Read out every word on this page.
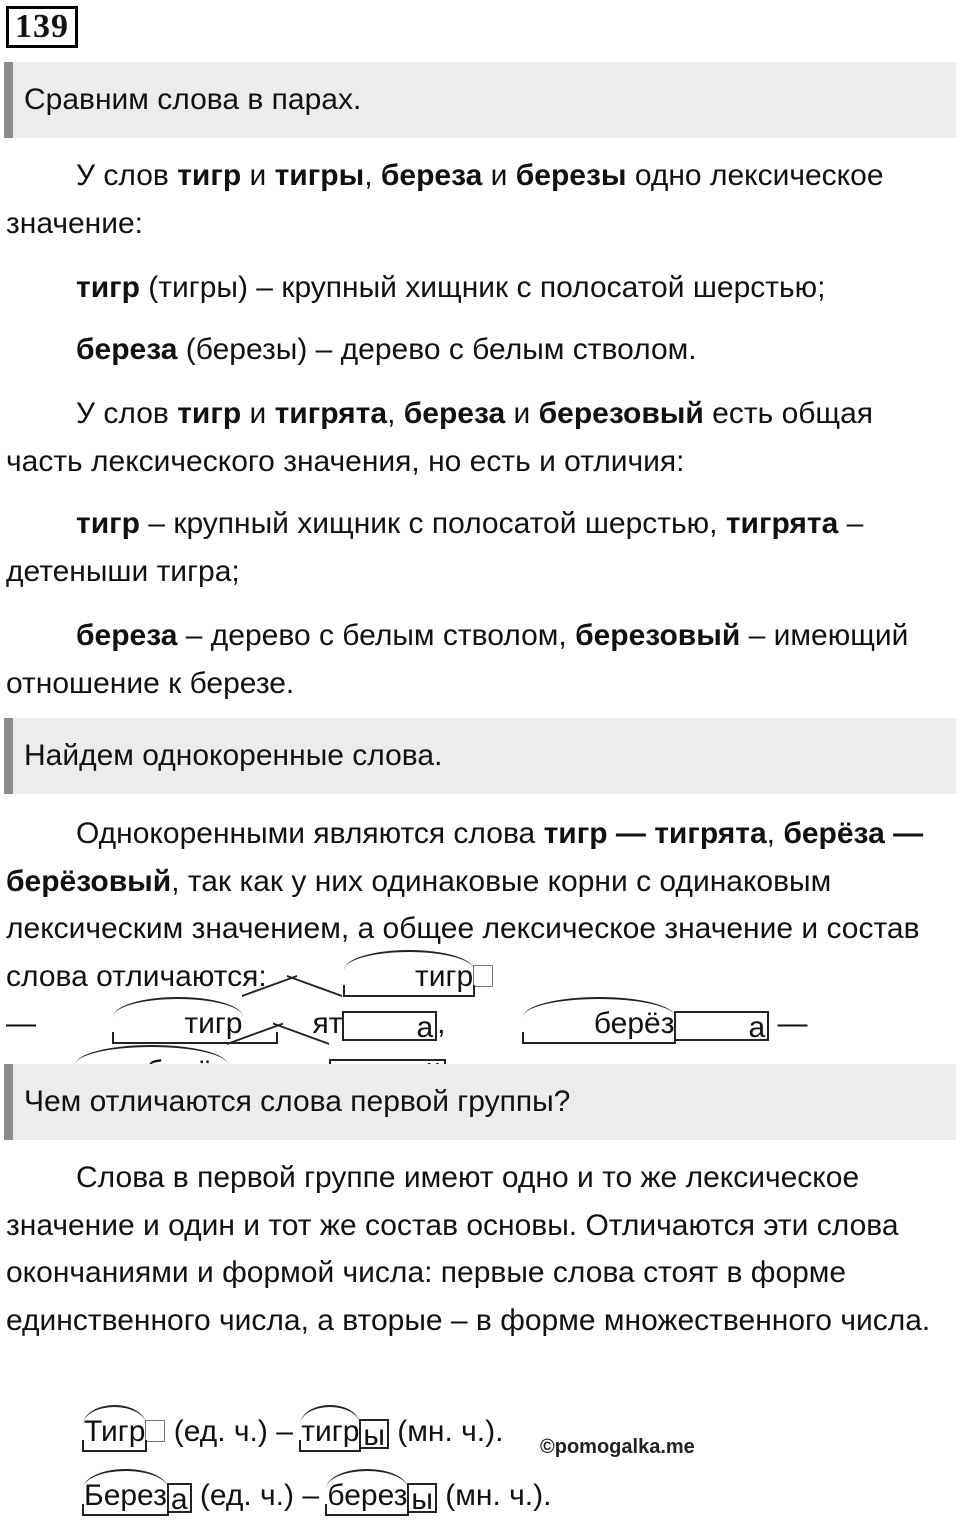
139
Сравним слова в парах.

У слов тигр и тигры, береза и березы одно лексическое значение:

тигр (тигры) – крупный хищник с полосатой шерстью;

береза (березы) – дерево с белым стволом.

У слов тигр и тигрята, береза и березовый есть общая часть лексического значения, но есть и отличия:

тигр – крупный хищник с полосатой шерстью, тигрята – детеныши тигра;

береза – дерево с белым стволом, березовый – имеющий отношение к березе.

Найдем однокоренные слова.

Однокоренными являются слова тигр — тигрята, берёза — берёзовый, так как у них одинаковые корни с одинаковым лексическим значением, а общее лексическое значение и состав слова отличаются:	тигр
—	тигр ят а ,	берёз а —

Чем отличаются слова первой группы?

Слова в первой группе имеют одно и то же лексическое значение и один и тот же состав основы. Отличаются эти слова окончаниями и формой числа: первые слова стоят в форме единственного числа, а вторые – в форме множественного числа.

Тигр (ед. ч.) –
тигр ы (мн. ч.). ©pomogalka.me
Берез а (ед. ч.) –
берез ы (мн. ч.).
